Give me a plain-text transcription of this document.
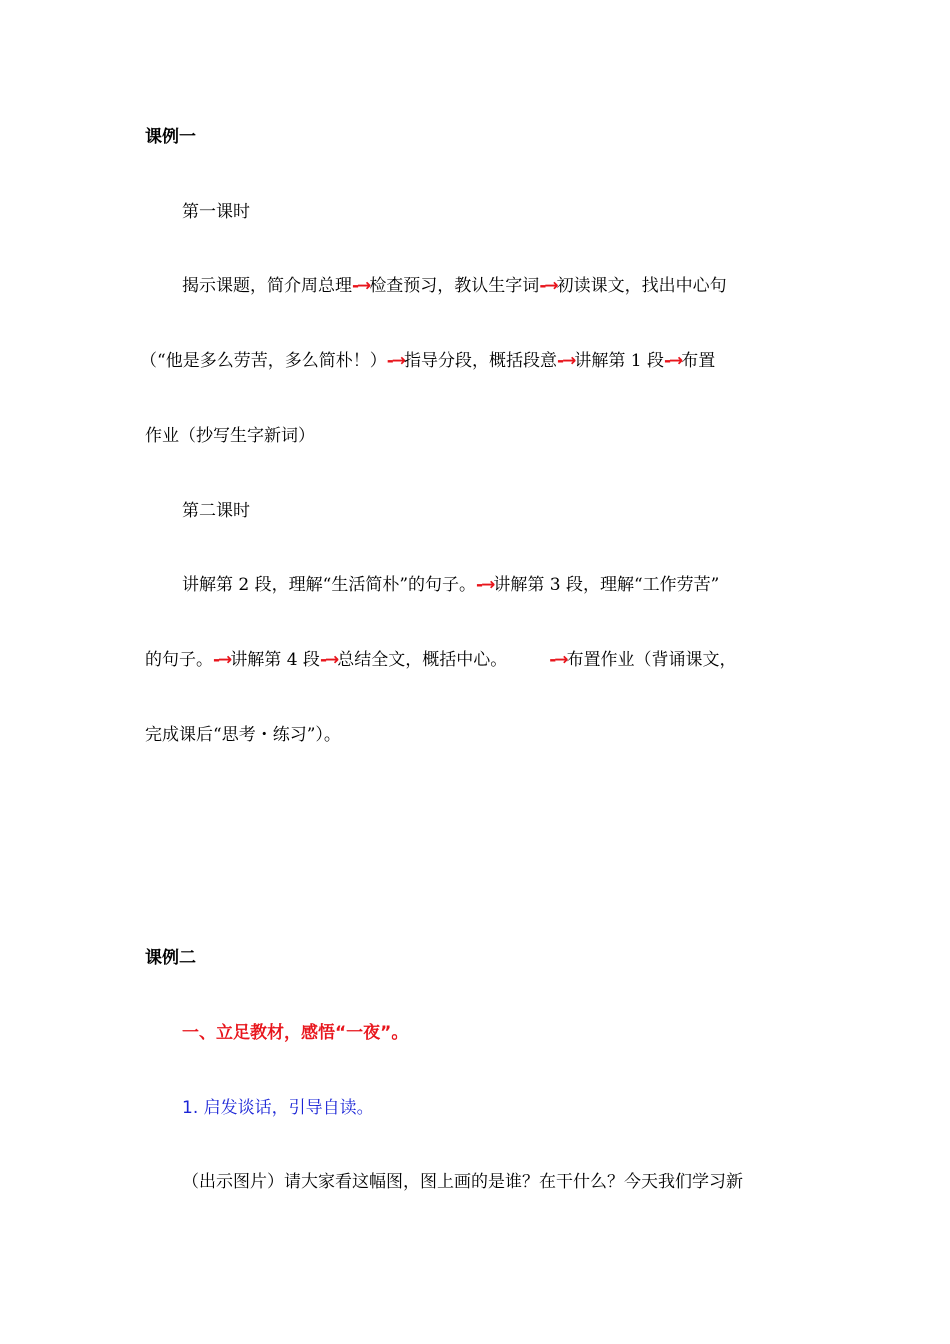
课例一
第一课时
揭示课题，简介周总理-→检查预习，教认生字词-→初读课文，找出中心句
（“他是多么劳苦，多么简朴！）-→指导分段，概括段意-→讲解第 1 段-→布置
作业（抄写生字新词）
第二课时
讲解第 2 段，理解“生活简朴”的句子。-→讲解第 3 段，理解“工作劳苦”
的句子。-→讲解第 4 段-→总结全文，概括中心。 -→布置作业（背诵课文，
完成课后“思考・练习”）。
课例二
一、立足教材，感悟“一夜”。
1. 启发谈话，引导自读。
（出示图片）请大家看这幅图，图上画的是谁？在干什么？今天我们学习新
